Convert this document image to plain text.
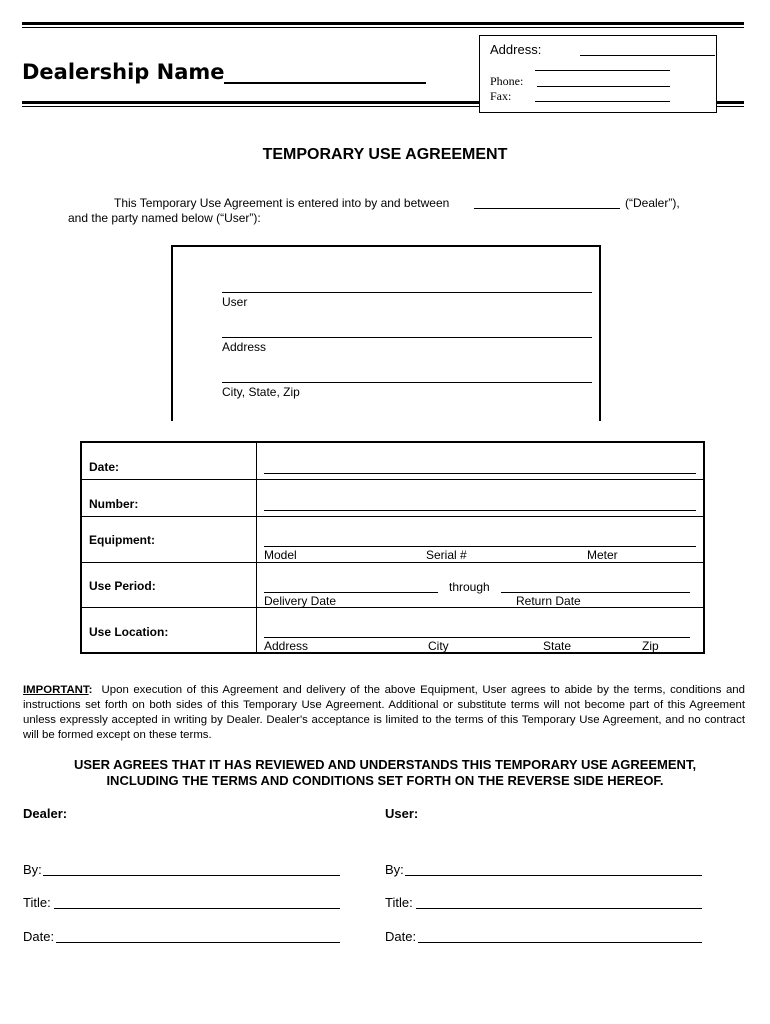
Dealership Name
Address:
Phone:
Fax:
TEMPORARY USE AGREEMENT
This Temporary Use Agreement is entered into by and between	(“Dealer”),
and the party named below (“User”):
User
Address
City, State, Zip
Date:
Number:
Equipment:
Model	Serial #	Meter
Use Period:	through
Delivery Date	Return Date
Use Location:
Address	City	State	Zip
IMPORTANT: Upon execution of this Agreement and delivery of the above Equipment, User agrees to abide by the terms, conditions and instructions set forth on both sides of this Temporary Use Agreement. Additional or substitute terms will not become part of this Agreement unless expressly accepted in writing by Dealer. Dealer's acceptance is limited to the terms of this Temporary Use Agreement, and no contract will be formed except on these terms.
USER AGREES THAT IT HAS REVIEWED AND UNDERSTANDS THIS TEMPORARY USE AGREEMENT,
INCLUDING THE TERMS AND CONDITIONS SET FORTH ON THE REVERSE SIDE HEREOF.
Dealer:	User:
By:	By:
Title:	Title:
Date:	Date:
